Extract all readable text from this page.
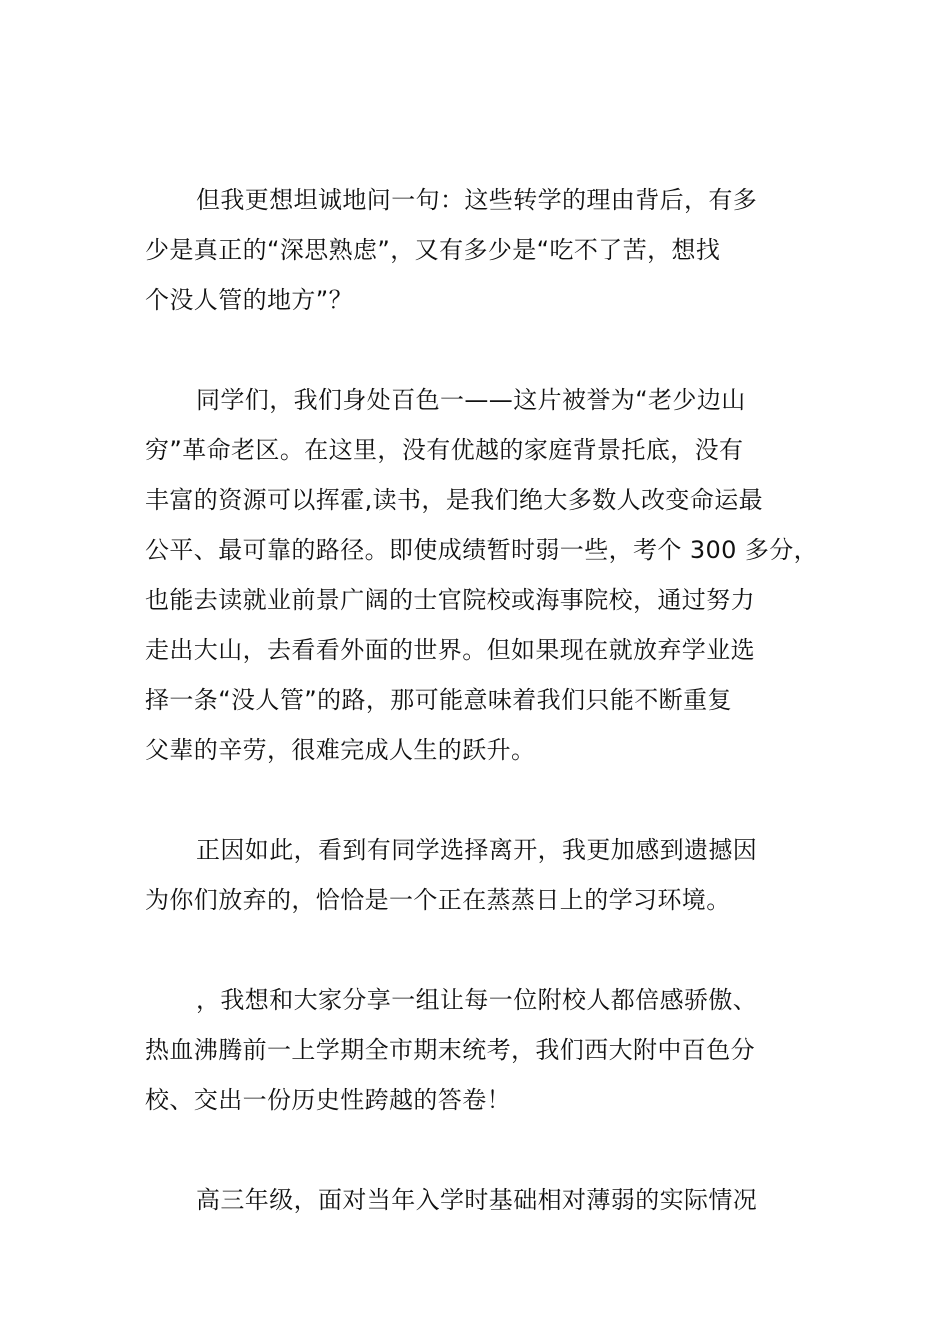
但我更想坦诚地问一句：这些转学的理由背后，有多
少是真正的“深思熟虑”，又有多少是“吃不了苦，想找
个没人管的地方”？
同学们，我们身处百色一——这片被誉为“老少边山
穷”革命老区。在这里，没有优越的家庭背景托底，没有
丰富的资源可以挥霍,读书，是我们绝大多数人改变命运最
公平、最可靠的路径。即使成绩暂时弱一些，考个 300 多分，
也能去读就业前景广阔的士官院校或海事院校，通过努力
走出大山，去看看外面的世界。但如果现在就放弃学业选
择一条“没人管”的路，那可能意味着我们只能不断重复
父辈的辛劳，很难完成人生的跃升。
正因如此，看到有同学选择离开，我更加感到遗撼因
为你们放弃的，恰恰是一个正在蒸蒸日上的学习环境。
，我想和大家分享一组让每一位附校人都倍感骄傲、
热血沸腾前一上学期全市期末统考，我们西大附中百色分
校、交出一份历史性跨越的答卷！
高三年级，面对当年入学时基础相对薄弱的实际情况
